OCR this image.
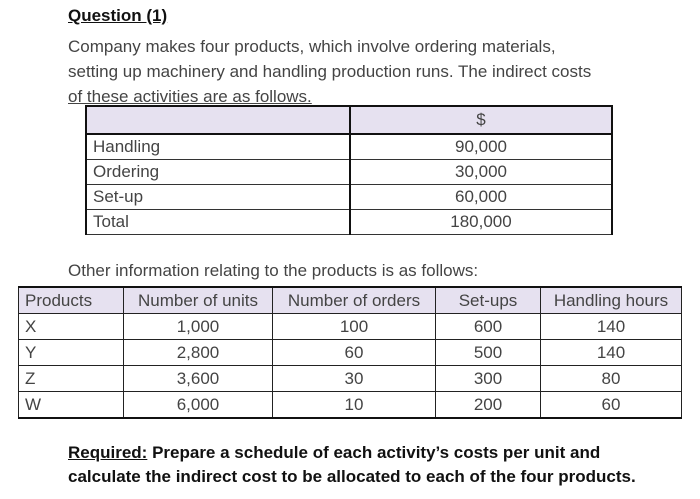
Question (1)
Company makes four products, which involve ordering materials,
setting up machinery and handling production runs. The indirect costs
of these activities are as follows.
	$
Handling	90,000
Ordering	30,000
Set-up	60,000
Total	180,000
Other information relating to the products is as follows:
Products	Number of units	Number of orders	Set-ups	Handling hours
X	1,000	100	600	140
Y	2,800	60	500	140
Z	3,600	30	300	80
W	6,000	10	200	60
Required: Prepare a schedule of each activity’s costs per unit and
calculate the indirect cost to be allocated to each of the four products.
